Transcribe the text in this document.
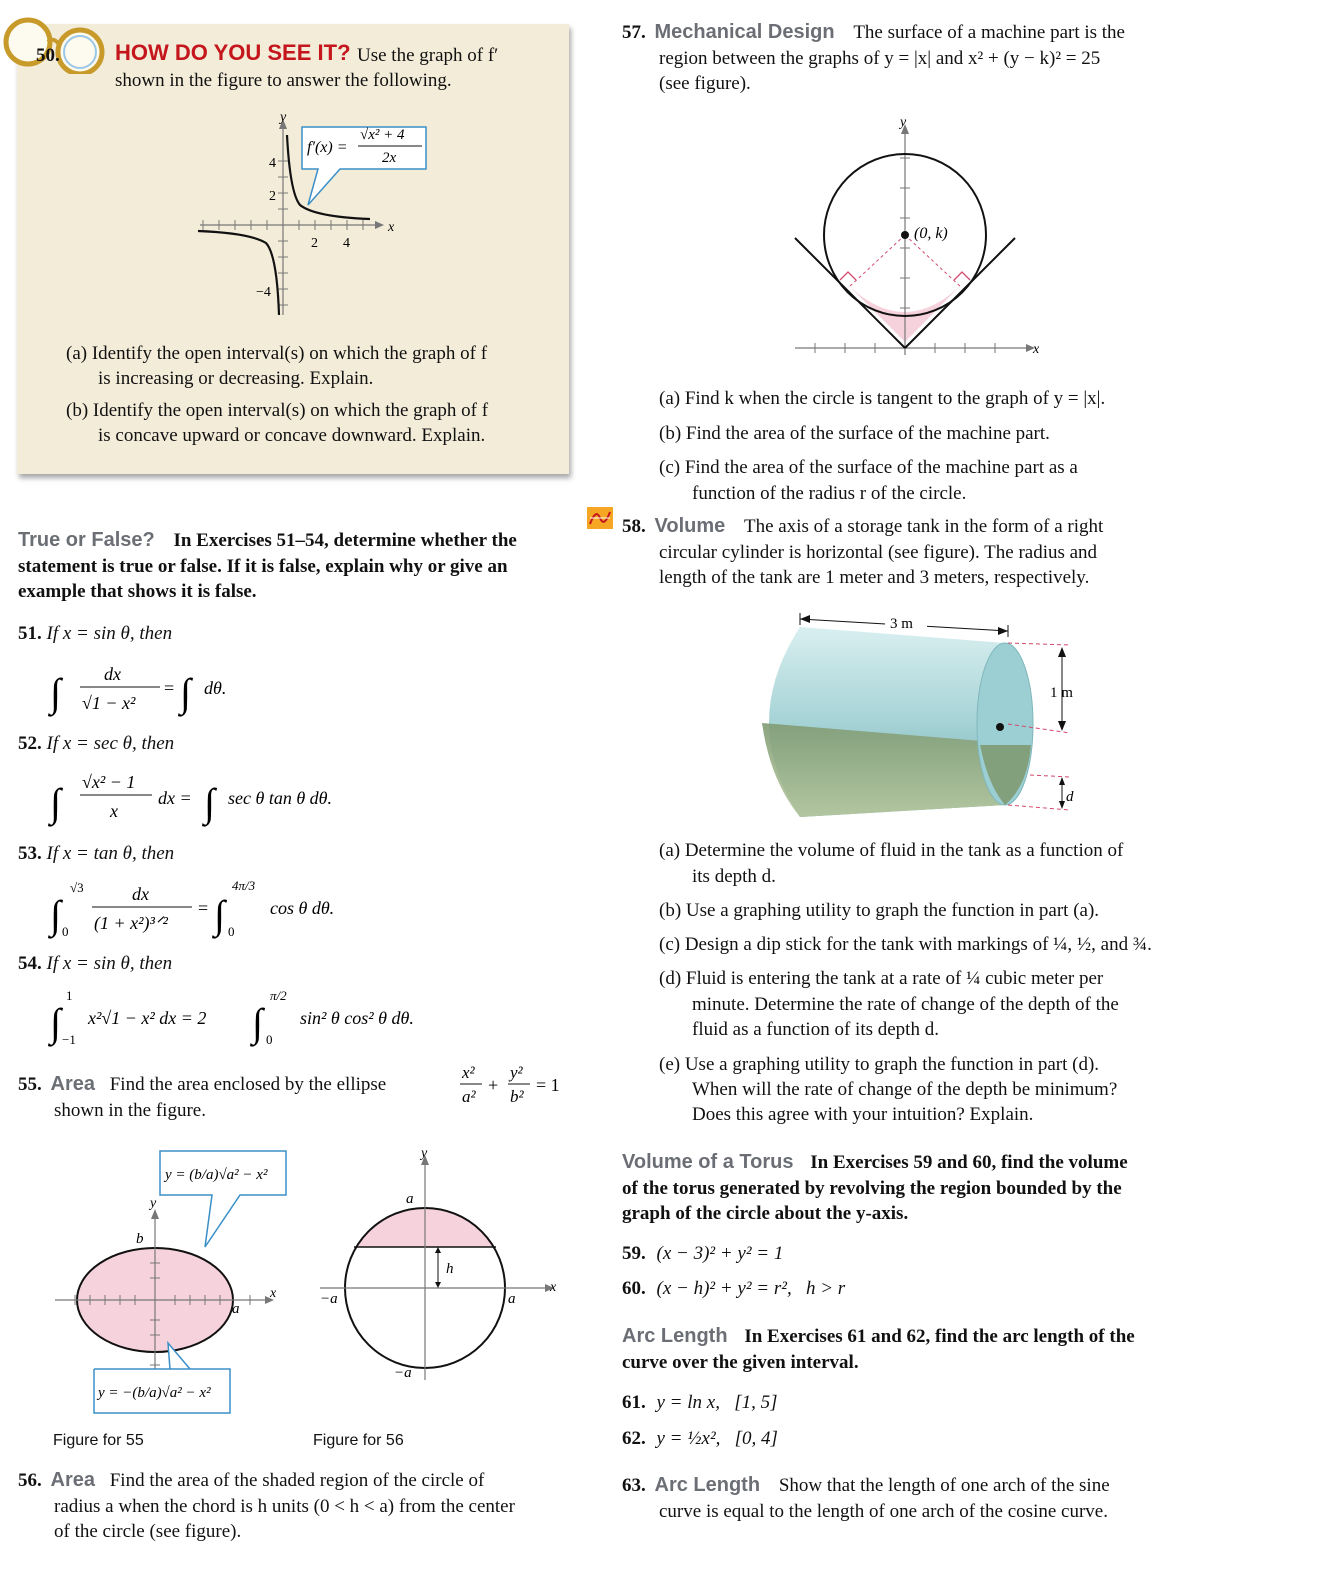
50.	HOW DO YOU SEE IT? Use the graph of f′
shown in the figure to answer the following.
4
2
−4
2 4
x
y
f′(x) =
√x² + 4
2x
(a) Identify the open interval(s) on which the graph of f
is increasing or decreasing. Explain.
(b) Identify the open interval(s) on which the graph of f
is concave upward or concave downward. Explain.
True or False? In Exercises 51–54, determine whether the
statement is true or false. If it is false, explain why or give an
example that shows it is false.
51. If x = sin θ, then
∫ dx
√1 − x²
= ∫ dθ.
52. If x = sec θ, then
∫ √x² − 1
x
dx = ∫ sec θ tan θ dθ.
53. If x = tan θ, then
∫
√3
0
dx
(1 + x²)³ᐟ²
= ∫
4π/3
0
cos θ dθ.
54. If x = sin θ, then
∫
1
−1
x²√1 − x² dx = 2 ∫
π/2
0
sin² θ cos² θ dθ.
55. Area Find the area enclosed by the ellipse
x²
a²
+
y²
b²
= 1
shown in the figure.
b
a
x
y
y = (b/a)√a² − x²
y = −(b/a)√a² − x²
h
a
−a	a
−a
x
y
Figure for 55	Figure for 56
56. Area Find the area of the shaded region of the circle of
radius a when the chord is h units (0 < h < a) from the center
of the circle (see figure).
57. Mechanical Design The surface of a machine part is the
region between the graphs of y = |x| and x² + (y − k)² = 25
(see figure).
(0, k)
x
y
(a) Find k when the circle is tangent to the graph of y = |x|.
(b) Find the area of the surface of the machine part.
(c) Find the area of the surface of the machine part as a
function of the radius r of the circle.
58. Volume The axis of a storage tank in the form of a right
circular cylinder is horizontal (see figure). The radius and
length of the tank are 1 meter and 3 meters, respectively.
3 m
1 m
d
(a) Determine the volume of fluid in the tank as a function of
its depth d.
(b) Use a graphing utility to graph the function in part (a).
(c) Design a dip stick for the tank with markings of ¼, ½, and ¾.
(d) Fluid is entering the tank at a rate of ¼ cubic meter per
minute. Determine the rate of change of the depth of the
fluid as a function of its depth d.
(e) Use a graphing utility to graph the function in part (d).
When will the rate of change of the depth be minimum?
Does this agree with your intuition? Explain.
Volume of a Torus In Exercises 59 and 60, find the volume
of the torus generated by revolving the region bounded by the
graph of the circle about the y-axis.
59. (x − 3)² + y² = 1
60. (x − h)² + y² = r²,   h > r
Arc Length In Exercises 61 and 62, find the arc length of the
curve over the given interval.
61. y = ln x,   [1, 5]
62. y = ½x²,   [0, 4]
63. Arc Length Show that the length of one arch of the sine
curve is equal to the length of one arch of the cosine curve.
